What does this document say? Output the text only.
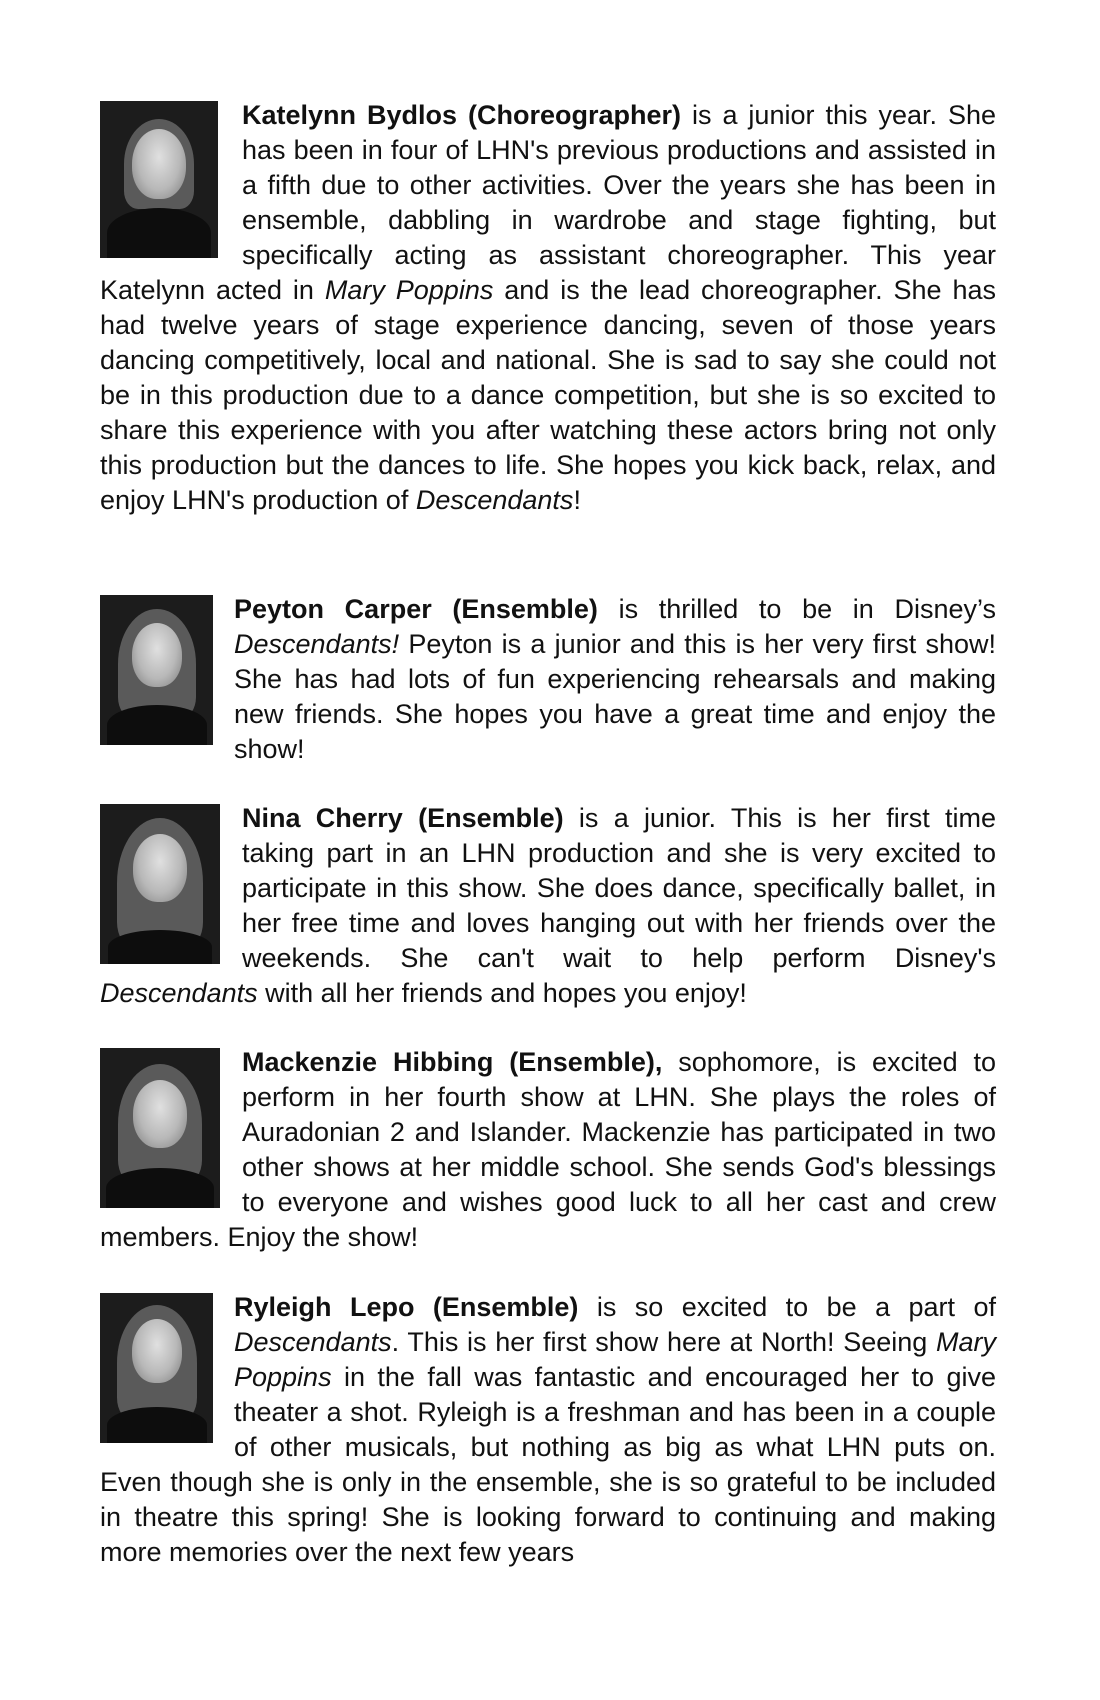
Katelynn Bydlos (Choreographer) is a junior this year. She has been in four of LHN's previous productions and assisted in a fifth due to other activities. Over the years she has been in ensemble, dabbling in wardrobe and stage fighting, but specifically acting as assistant choreographer. This year Katelynn acted in Mary Poppins and is the lead choreographer. She has had twelve years of stage experience dancing, seven of those years dancing competitively, local and national. She is sad to say she could not be in this production due to a dance competition, but she is so excited to share this experience with you after watching these actors bring not only this production but the dances to life. She hopes you kick back, relax, and enjoy LHN's production of Descendants!
Peyton Carper (Ensemble) is thrilled to be in Disney’s Descendants! Peyton is a junior and this is her very first show! She has had lots of fun experiencing rehearsals and making new friends. She hopes you have a great time and enjoy the show!
Nina Cherry (Ensemble) is a junior. This is her first time taking part in an LHN production and she is very excited to participate in this show. She does dance, specifically ballet, in her free time and loves hanging out with her friends over the weekends. She can't wait to help perform Disney's Descendants with all her friends and hopes you enjoy!
Mackenzie Hibbing (Ensemble), sophomore, is excited to perform in her fourth show at LHN. She plays the roles of Auradonian 2 and Islander. Mackenzie has participated in two other shows at her middle school. She sends God's blessings to everyone and wishes good luck to all her cast and crew members. Enjoy the show!
Ryleigh Lepo (Ensemble) is so excited to be a part of Descendants. This is her first show here at North! Seeing Mary Poppins in the fall was fantastic and encouraged her to give theater a shot. Ryleigh is a freshman and has been in a couple of other musicals, but nothing as big as what LHN puts on. Even though she is only in the ensemble, she is so grateful to be included in theatre this spring! She is looking forward to continuing and making more memories over the next few years
